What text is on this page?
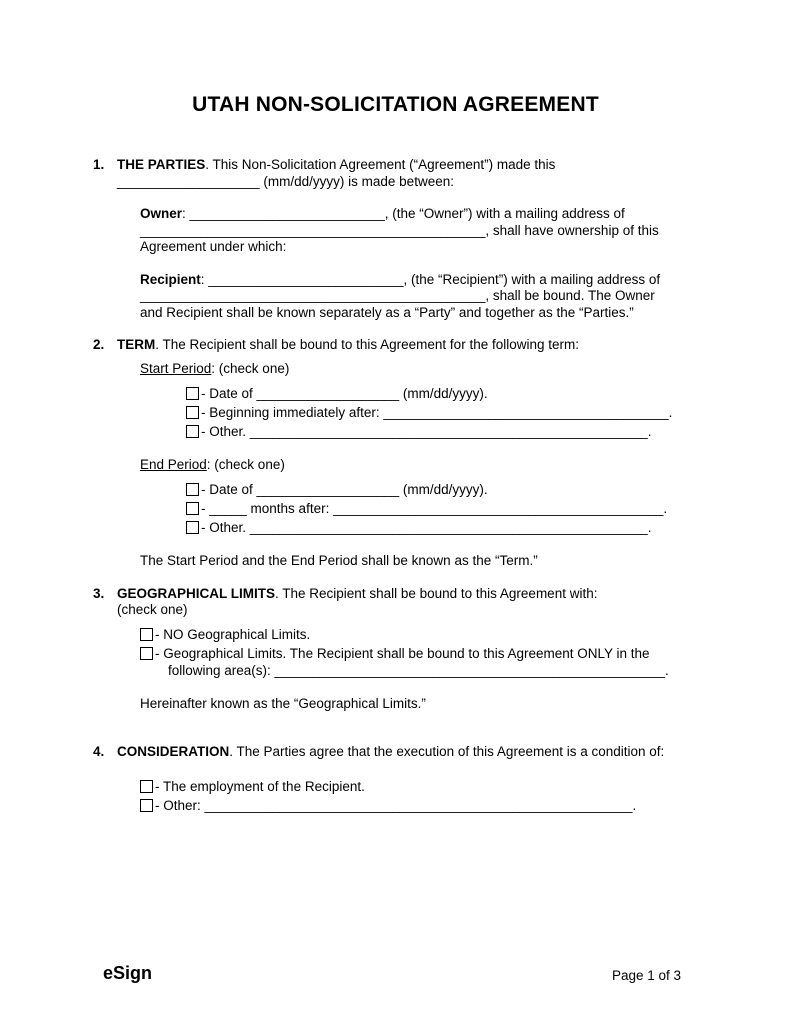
UTAH NON-SOLICITATION AGREEMENT
1. THE PARTIES. This Non-Solicitation Agreement (“Agreement”) made this
___________________ (mm/dd/yyyy) is made between:
Owner: __________________________, (the “Owner”) with a mailing address of
______________________________________________, shall have ownership of this
Agreement under which:
Recipient: __________________________, (the “Recipient”) with a mailing address of
______________________________________________, shall be bound. The Owner
and Recipient shall be known separately as a “Party” and together as the “Parties.”
2. TERM. The Recipient shall be bound to this Agreement for the following term:
Start Period: (check one)
- Date of ___________________ (mm/dd/yyyy).
- Beginning immediately after: ______________________________________.
- Other. _____________________________________________________.
End Period: (check one)
- Date of ___________________ (mm/dd/yyyy).
- _____ months after: ____________________________________________.
- Other. _____________________________________________________.
The Start Period and the End Period shall be known as the “Term.”
3. GEOGRAPHICAL LIMITS. The Recipient shall be bound to this Agreement with:
(check one)
- NO Geographical Limits.
- Geographical Limits. The Recipient shall be bound to this Agreement ONLY in the
following area(s): ____________________________________________________.
Hereinafter known as the “Geographical Limits.”
4. CONSIDERATION. The Parties agree that the execution of this Agreement is a condition of:
- The employment of the Recipient.
- Other: _________________________________________________________.
eSign	Page 1 of 3
